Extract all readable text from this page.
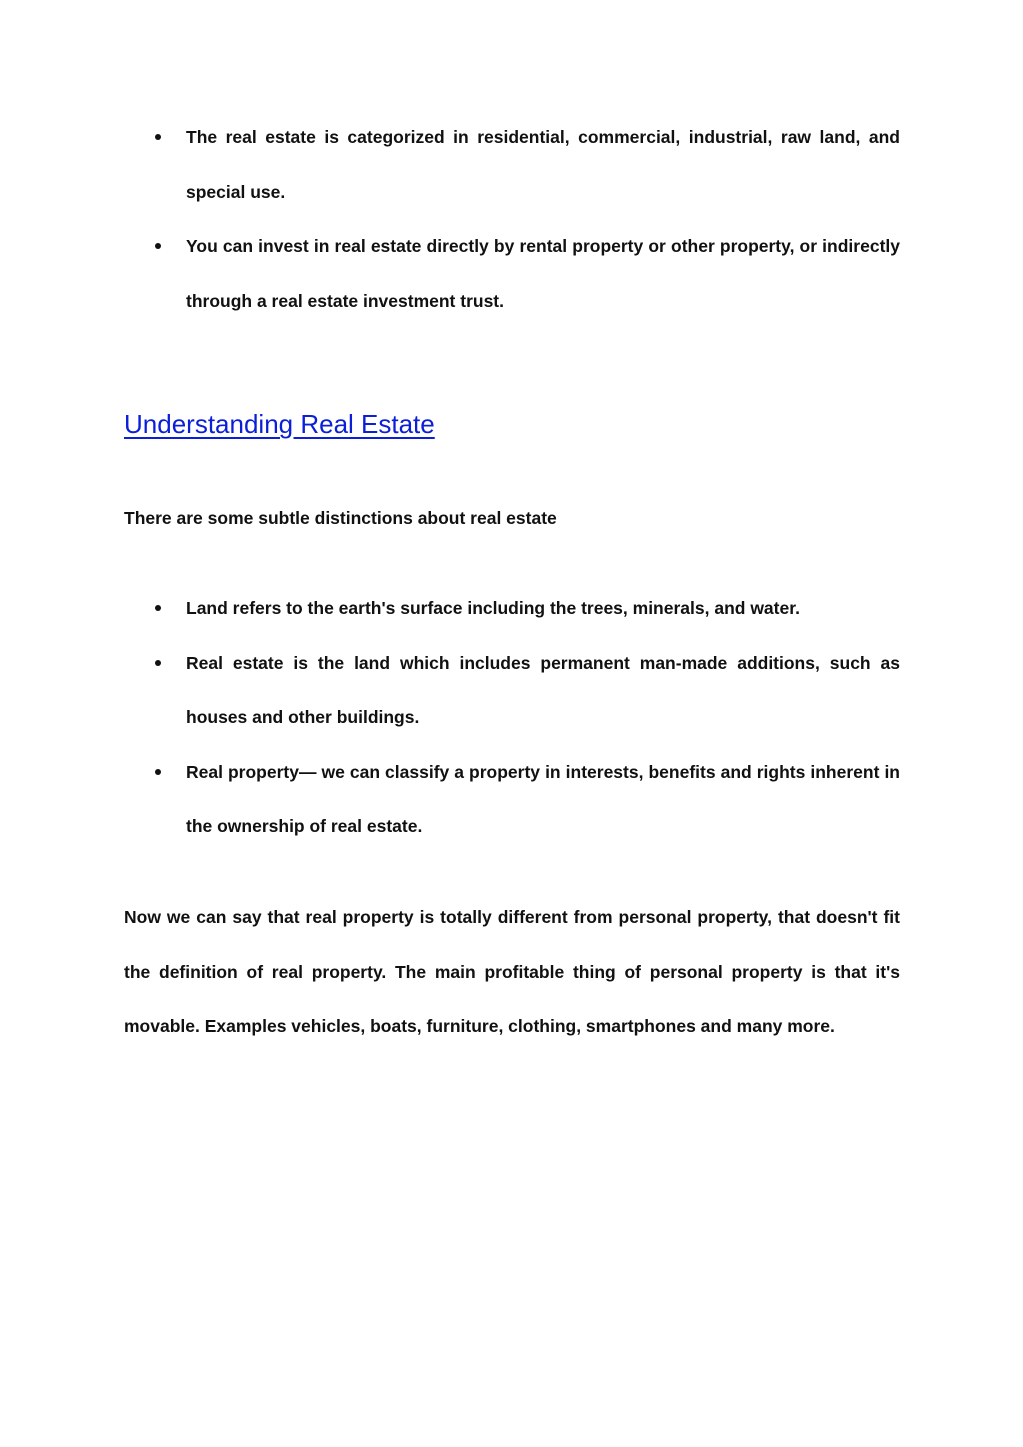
The real estate is categorized in residential, commercial, industrial, raw land, and special use.
You can invest in real estate directly by rental property or other property, or indirectly through a real estate investment trust.
Understanding Real Estate

There are some subtle distinctions about real estate

Land refers to the earth's surface including the trees, minerals, and water.
Real estate is the land which includes permanent man-made additions, such as houses and other buildings.
Real property— we can classify a property in interests, benefits and rights inherent in the ownership of real estate.

Now we can say that real property is totally different from personal property, that doesn't fit the definition of real property. The main profitable thing of personal property is that it's movable. Examples vehicles, boats, furniture, clothing, smartphones and many more.
